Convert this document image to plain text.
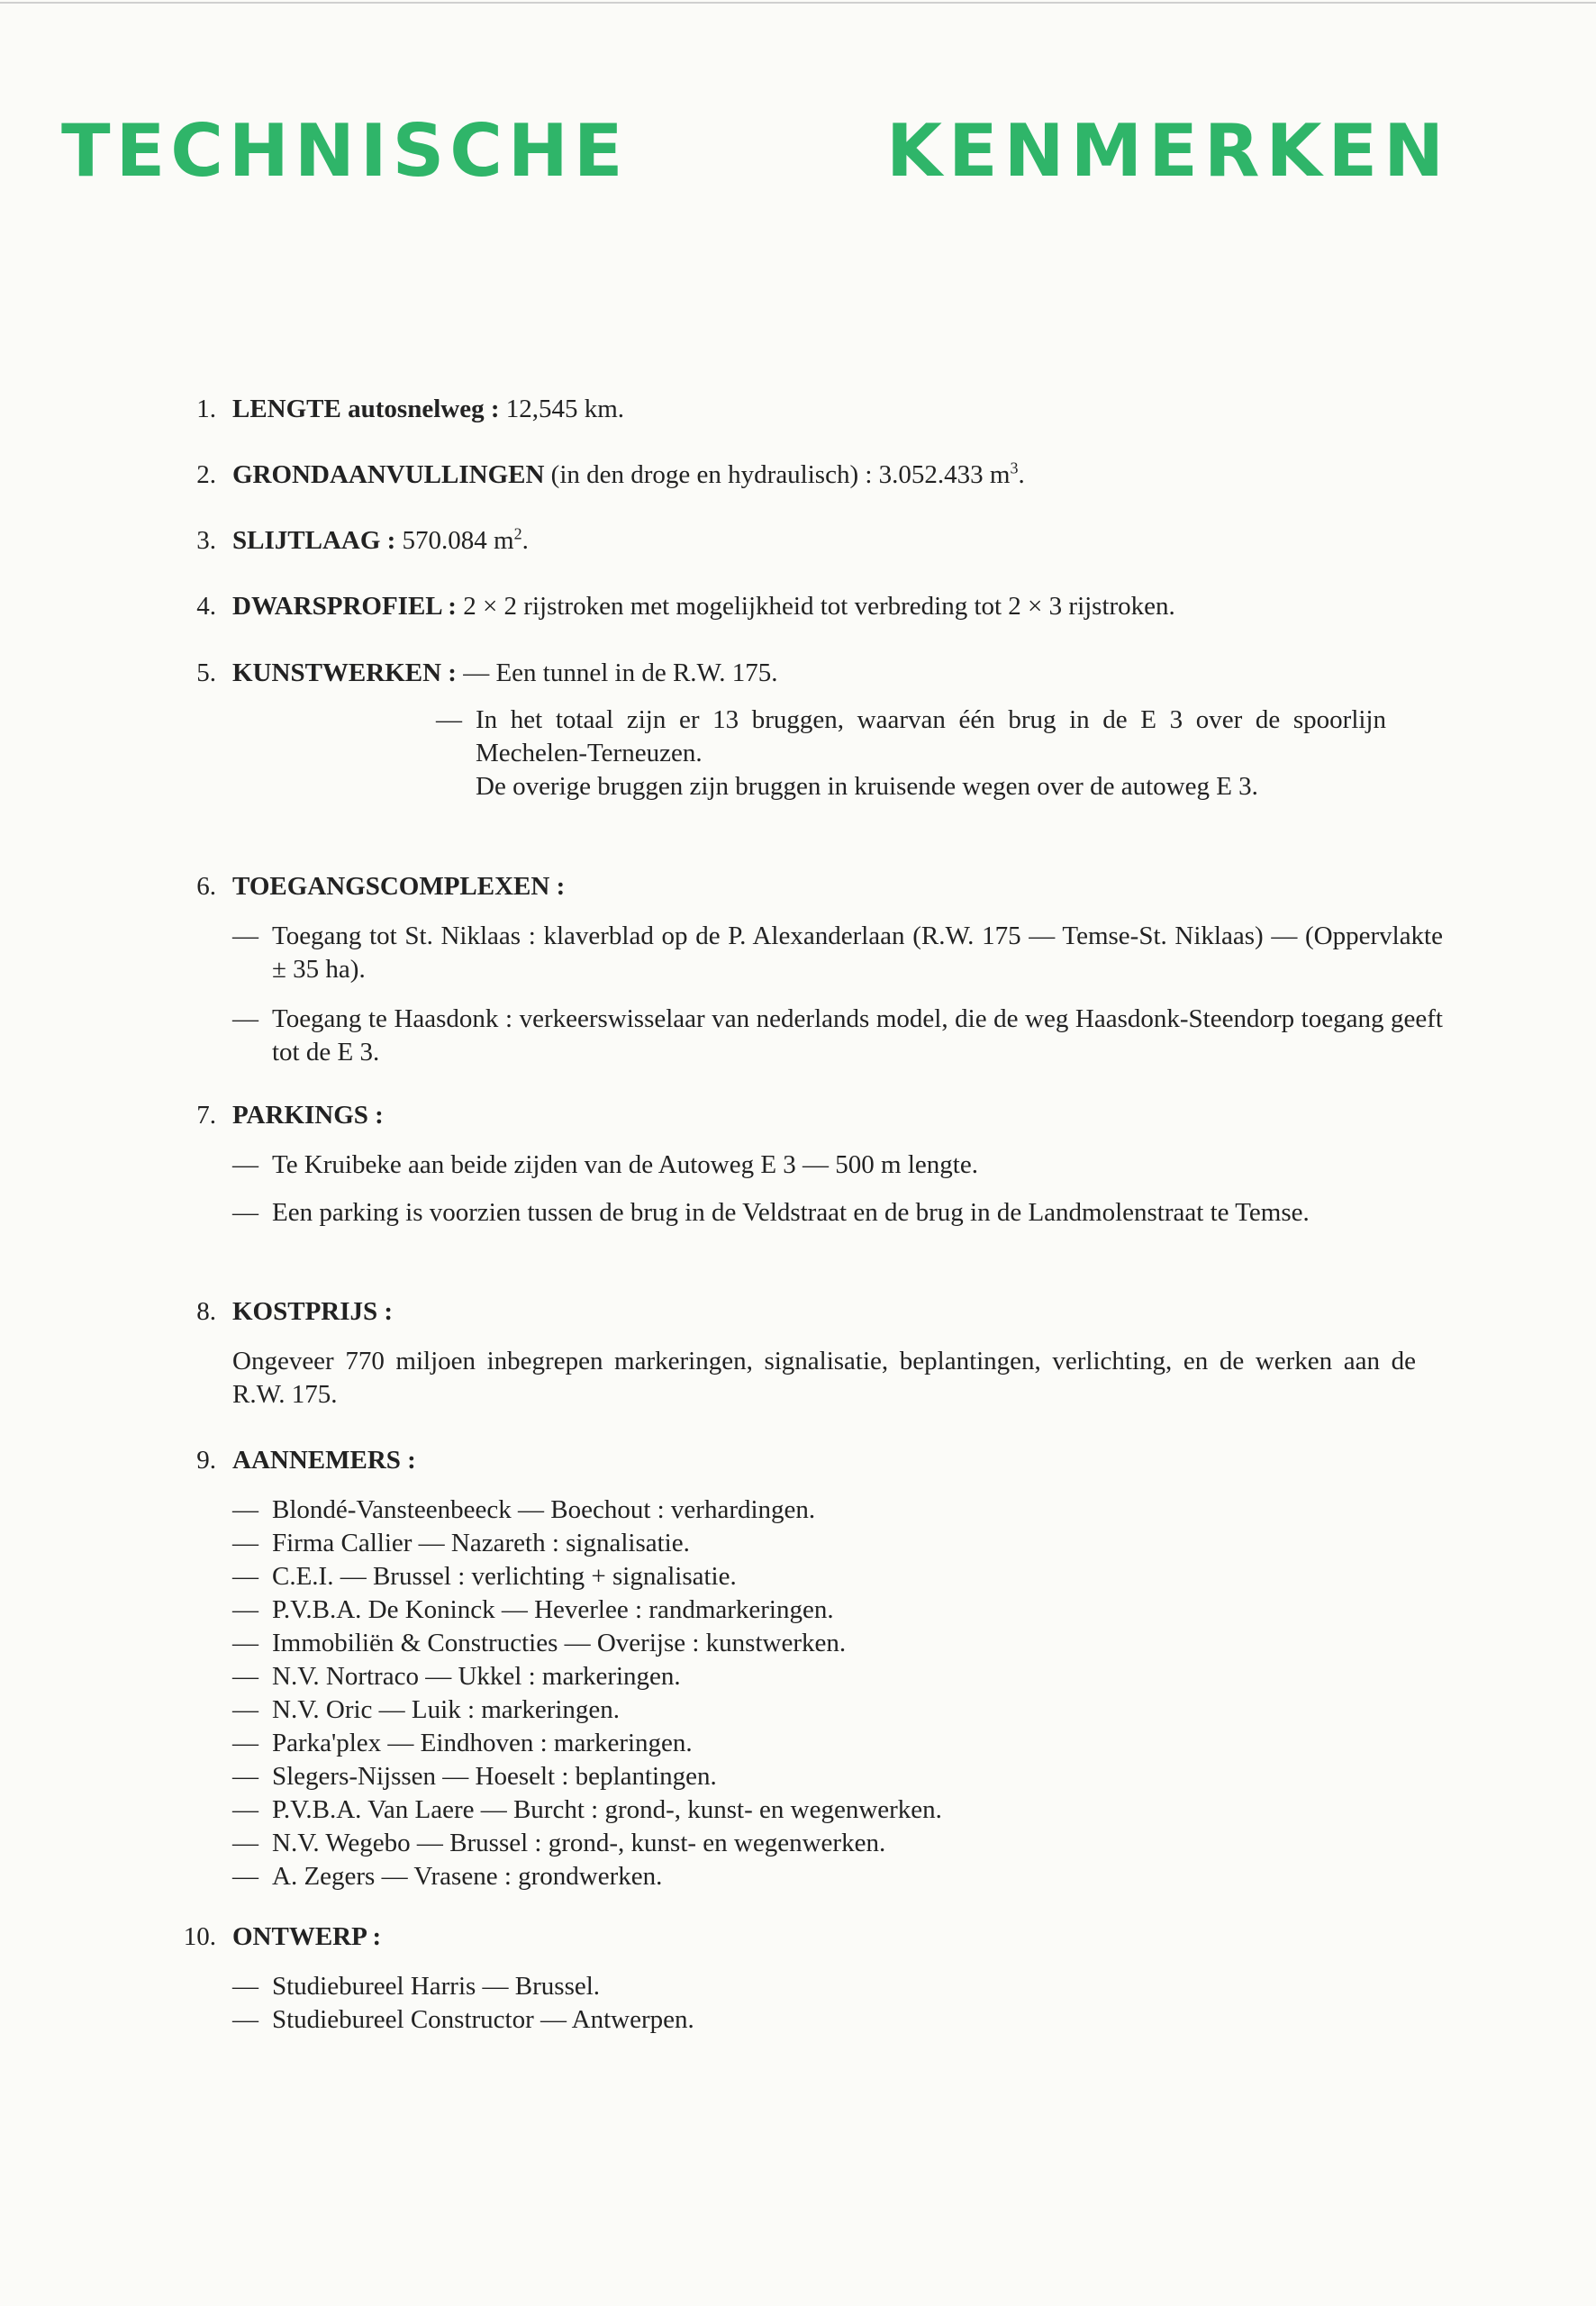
TECHNISCHE	KENMERKEN
1. LENGTE autosnelweg : 12,545 km.
2. GRONDAANVULLINGEN (in den droge en hydraulisch) : 3.052.433 $m^3$.
3. SLIJTLAAG : 570.084 $m^2$.
4. DWARSPROFIEL : 2 × 2 rijstroken met mogelijkheid tot verbreding tot 2 × 3 rijstroken.
5. KUNSTWERKEN : — Een tunnel in de R.W. 175.
— In het totaal zijn er 13 bruggen, waarvan één brug in de E 3 over de spoorlijn Mechelen-Terneuzen.

De overige bruggen zijn bruggen in kruisende wegen over de autoweg E 3.

6. TOEGANGSCOMPLEXEN :

— Toegang tot St. Niklaas : klaverblad op de P. Alexanderlaan (R.W. 175 — Temse-St. Niklaas) — (Oppervlakte ± 35 ha).
— Toegang te Haasdonk : verkeerswisselaar van nederlands model, die de weg Haasdonk-Steendorp toegang geeft tot de E 3.
7. PARKINGS :

— Te Kruibeke aan beide zijden van de Autoweg E 3 — 500 m lengte.
— Een parking is voorzien tussen de brug in de Veldstraat en de brug in de Landmolenstraat te Temse.
8. KOSTPRIJS :

Ongeveer 770 miljoen inbegrepen markeringen, signalisatie, beplantingen, verlichting, en de werken aan de R.W. 175.

9. AANNEMERS :

— Blondé-Vansteenbeeck — Boechout : verhardingen.
— Firma Callier — Nazareth : signalisatie.
— C.E.I. — Brussel : verlichting + signalisatie.
— P.V.B.A. De Koninck — Heverlee : randmarkeringen.
— Immobiliën & Constructies — Overijse : kunstwerken.
— N.V. Nortraco — Ukkel : markeringen.
— N.V. Oric — Luik : markeringen.
— Parka'plex — Eindhoven : markeringen.
— Slegers-Nijssen — Hoeselt : beplantingen.
— P.V.B.A. Van Laere — Burcht : grond-, kunst- en wegenwerken.
— N.V. Wegebo — Brussel : grond-, kunst- en wegenwerken.
— A. Zegers — Vrasene : grondwerken.
10. ONTWERP :

— Studiebureel Harris — Brussel.
— Studiebureel Constructor — Antwerpen.
